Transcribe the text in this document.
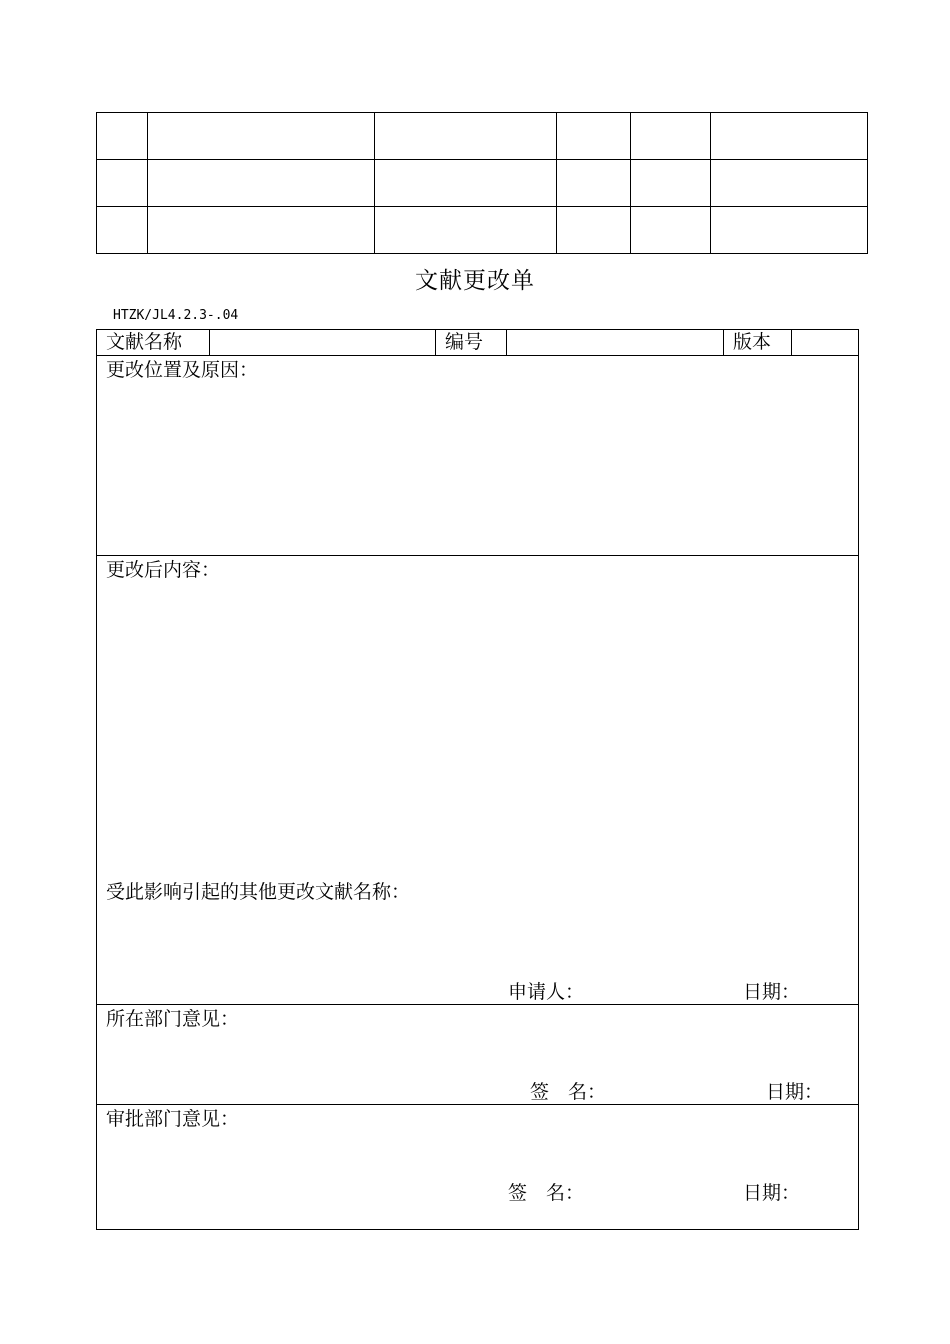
文献更改单
HTZK/JL4.2.3-.04
文献名称	编号	版本
更改位置及原因：
更改后内容：
受此影响引起的其他更改文献名称：
申请人：	日期：
所在部门意见：
签　名：	日期：
审批部门意见：
签　名：	日期：
